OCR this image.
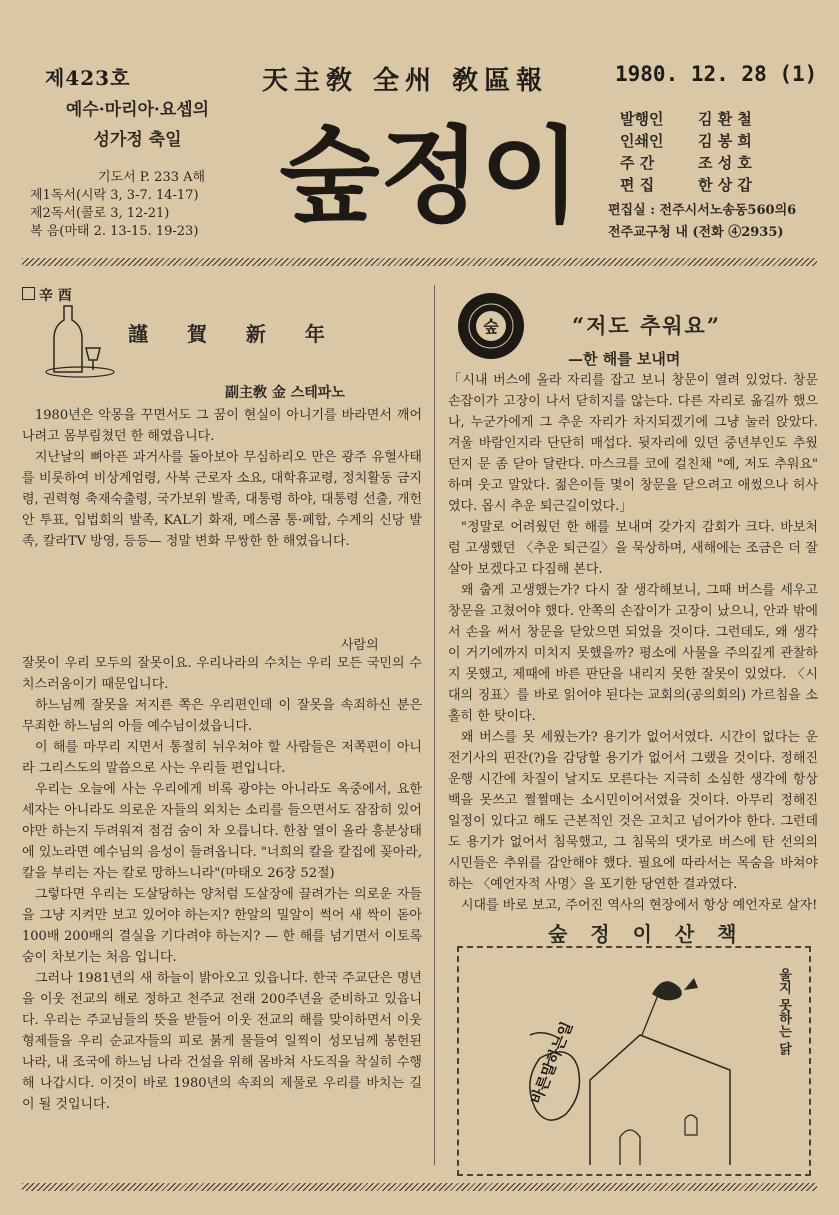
제423호	天主敎 全州 敎區報	1980. 12. 28 (1)
예수·마리아·요셉의
성가정 축일
기도서 P. 233 A해
제1독서(시락 3, 3-7. 14-17)
제2독서(콜로 3, 12-21)
복 음(마태 2. 13-15. 19-23) 숲정이	발행인	김 환 철
인쇄인	김 봉 희
주 간	조 성 호
편 집	한 상 갑
편집실 : 전주시서노송동560의6
전주교구청 내 (전화 ④2935)
辛 酉
謹 賀 新 年
副主敎 金 스테파노

1980년은 악몽을 꾸면서도 그 꿈이 현실이 아니기를 바라면서 깨어나려고 몸부림쳤던 한 해였읍니다.

지난날의 뼈아픈 과거사를 돌아보아 무심하리오 만은 광주 유혈사태를 비롯하여 비상계엄령, 사북 근로자 소요, 대학휴교령, 정치활동 금지령, 권력형 축재숙출령, 국가보위 발족, 대통령 하야, 대통령 선출, 개헌안 투표, 입법회의 발족, KAL기 화재, 메스콤 통·폐합, 수계의 신당 발족, 칼라TV 방영, 등등— 정말 변화 무쌍한 한 해였읍니다.

사람의

잘못이 우리 모두의 잘못이요. 우리나라의 수치는 우리 모든 국민의 수치스러움이기 때문입니다.

하느님께 잘못을 저지른 쪽은 우리편인데 이 잘못을 속죄하신 분은 무죄한 하느님의 아들 예수님이셨읍니다.

이 해를 마무리 지면서 통절히 뉘우쳐야 할 사람들은 저쪽편이 아니라 그리스도의 말씀으로 사는 우리들 편입니다.

우리는 오늘에 사는 우리에게 비록 광야는 아니라도 옥중에서, 요한 세자는 아니라도 의로운 자들의 외치는 소리를 들으면서도 잠잠히 있어야만 하는지 두려워져 점검 숨이 차 오릅니다. 한참 열이 올라 흥분상태에 있노라면 예수님의 음성이 들려옵니다. "너희의 칼을 칼집에 꽂아라, 칼을 부리는 자는 칼로 망하느니라"(마태오 26장 52절)

그렇다면 우리는 도살당하는 양처럼 도살장에 끌려가는 의로운 자들을 그냥 지켜만 보고 있어야 하는지? 한알의 밀알이 썩어 새 싹이 돋아 100배 200배의 결실을 기다려야 하는지? — 한 해를 넘기면서 이토록 숨이 차보기는 처음 입니다.

그러나 1981년의 새 하늘이 밝아오고 있읍니다. 한국 주교단은 명년을 이웃 전교의 해로 정하고 천주교 전래 200주년을 준비하고 있읍니다. 우리는 주교님들의 뜻을 받들어 이웃 전교의 해를 맞이하면서 이웃 형제들을 우리 순교자들의 피로 붉게 물들여 일찍이 성모님께 봉헌된 나라, 내 조국에 하느님 나라 건설을 위해 몸바쳐 사도직을 착실히 수행해 나갑시다. 이것이 바로 1980년의 속죄의 제물로 우리를 바치는 길이 될 것입니다.

숲	“저도 추워요”
—한 해를 보내며

「시내 버스에 올라 자리를 잡고 보니 창문이 열려 있었다. 창문 손잡이가 고장이 나서 닫히지를 않는다. 다른 자리로 옮길까 했으나, 누군가에게 그 추운 자리가 차지되겠기에 그냥 눌러 앉았다. 겨울 바람인지라 단단히 매섭다. 뒷자리에 있던 중년부인도 추웠던지 문 좀 닫아 달란다. 마스크를 코에 걸친채 "예, 저도 추워요" 하며 웃고 말았다. 젊은이들 몇이 창문을 닫으려고 애썼으나 허사였다. 몹시 추운 퇴근길이었다.」

"정말로 어려웠던 한 해를 보내며 갖가지 감회가 크다. 바보처럼 고생했던 〈추운 퇴근길〉을 묵상하며, 새해에는 조금은 더 잘살아 보겠다고 다짐해 본다.

왜 춥게 고생했는가? 다시 잘 생각해보니, 그때 버스를 세우고 창문을 고쳤어야 했다. 안쪽의 손잡이가 고장이 났으니, 안과 밖에서 손을 써서 창문을 닫았으면 되었을 것이다. 그런데도, 왜 생각이 거기에까지 미치지 못했을까? 평소에 사물을 주의깊게 관찰하지 못했고, 제때에 바른 판단을 내리지 못한 잘못이 있었다. 〈시대의 징표〉를 바로 읽어야 된다는 교회의(공의회의) 가르침을 소홀히 한 탓이다.

왜 버스를 못 세웠는가? 용기가 없어서였다. 시간이 없다는 운전기사의 핀잔(?)을 감당할 용기가 없어서 그랬을 것이다. 정해진 운행 시간에 차질이 날지도 모른다는 지극히 소심한 생각에 항상 백을 못쓰고 쩔쩔매는 소시민이어서였을 것이다. 아무리 정해진 일정이 있다고 해도 근본적인 것은 고치고 넘어가야 한다. 그런데도 용기가 없어서 침묵했고, 그 침묵의 댓가로 버스에 탄 선의의 시민들은 추위를 감안해야 했다. 필요에 따라서는 목숨을 바쳐야 하는 〈예언자적 사명〉을 포기한 당연한 결과였다.

시대를 바로 보고, 주어진 역사의 현장에서 항상 예언자로 살자!

숲 정 이 산 책
바른말하는일
울지 못하는 닭
